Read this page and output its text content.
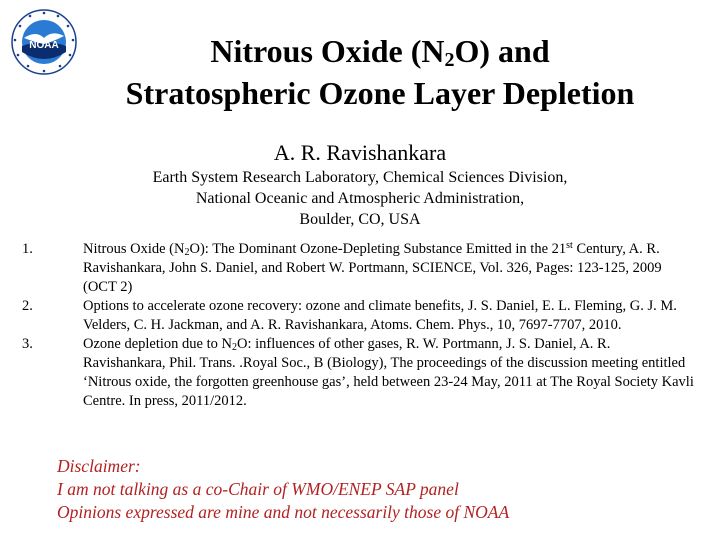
NOAA	Nitrous Oxide $(N_2O)$ and
Stratospheric Ozone Layer Depletion
A. R. Ravishankara
Earth System Research Laboratory, Chemical Sciences Division,
National Oceanic and Atmospheric Administration,
Boulder, CO, USA
1.	Nitrous Oxide $(N_2O)$: The Dominant Ozone-Depleting Substance Emitted in the 21st Century, A. R. Ravishankara, John S. Daniel, and Robert W. Portmann, SCIENCE, Vol. 326, Pages: 123-125, 2009 (OCT 2)
2.	Options to accelerate ozone recovery: ozone and climate benefits, J. S. Daniel, E. L. Fleming, G. J. M. Velders, C. H. Jackman, and A. R. Ravishankara, Atoms. Chem. Phys., 10, 7697-7707, 2010.
3.	Ozone depletion due to $N_2O$: influences of other gases, R. W. Portmann, J. S. Daniel, A. R. Ravishankara, Phil. Trans. .Royal Soc., B (Biology), The proceedings of the discussion meeting entitled ‘Nitrous oxide, the forgotten greenhouse gas’, held between 23-24 May, 2011 at The Royal Society Kavli Centre. In press, 2011/2012.
Disclaimer:
I am not talking as a co-Chair of WMO/ENEP SAP panel
Opinions expressed are mine and not necessarily those of NOAA
